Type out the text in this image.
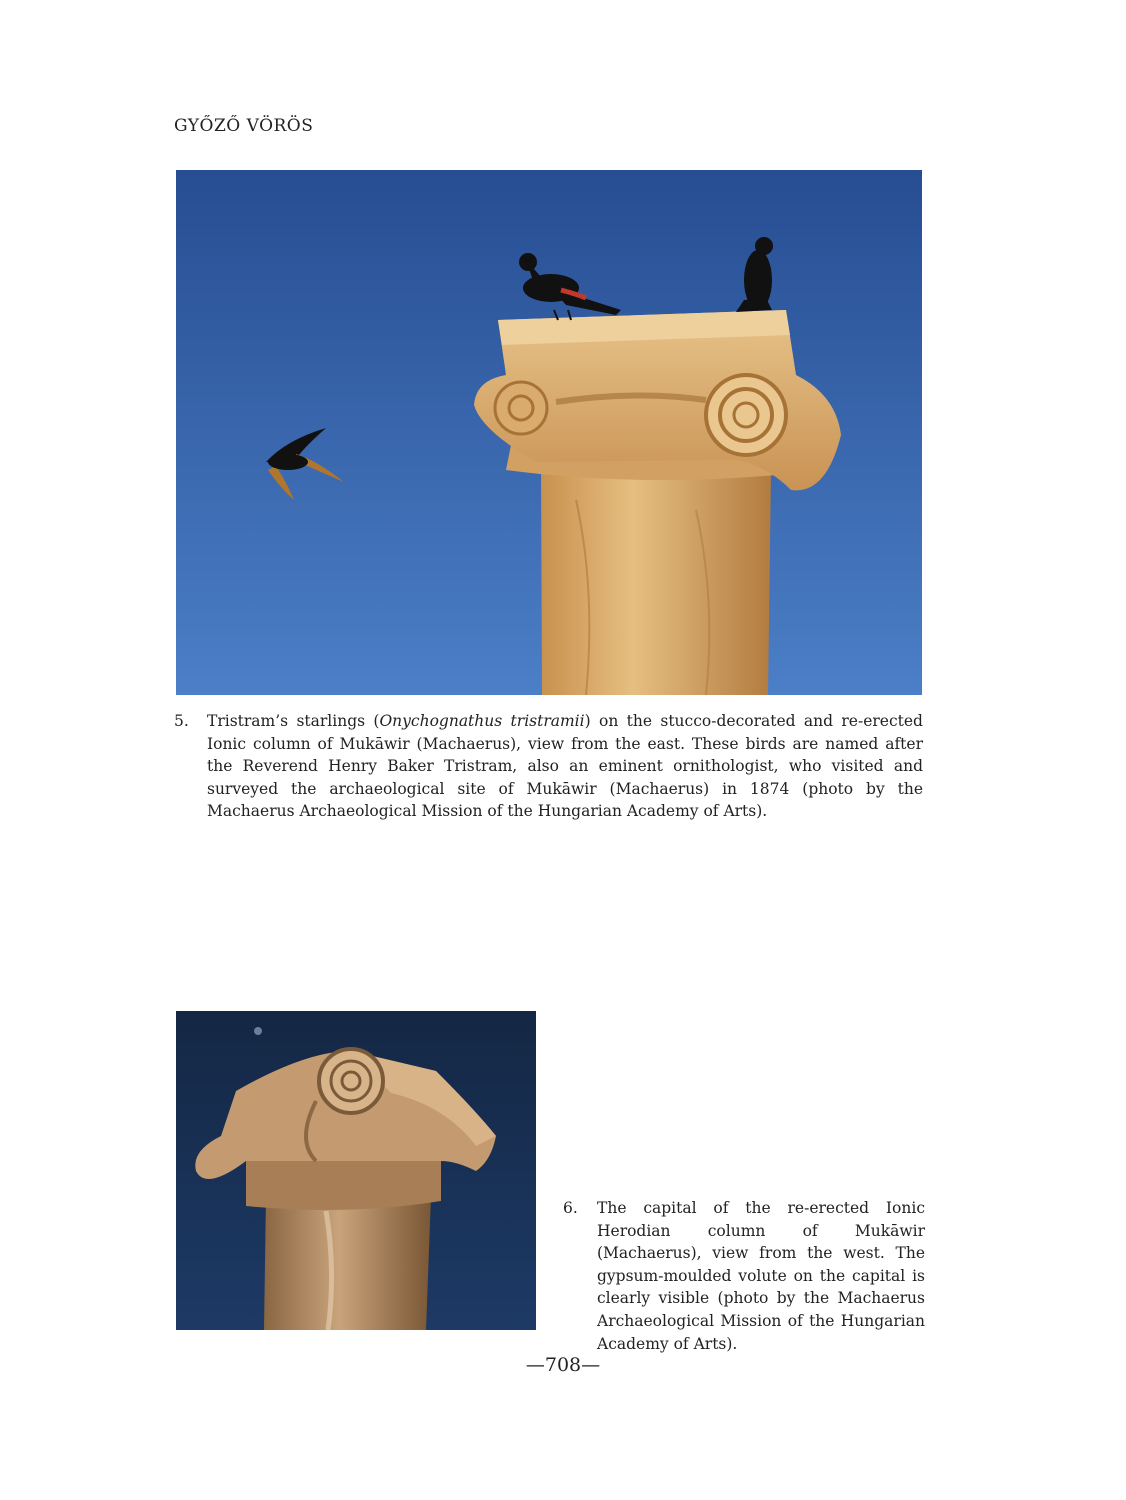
GYŐZŐ VÖRÖS
5. Tristram’s starlings (Onychognathus tristramii) on the stucco-decorated and re-erected Ionic column of Mukāwir (Machaerus), view from the east. These birds are named after the Reverend Henry Baker Tristram, also an eminent ornithologist, who visited and surveyed the archaeological site of Mukāwir (Machaerus) in 1874 (photo by the Machaerus Archaeological Mission of the Hungarian Academy of Arts).
6. The capital of the re-erected Ionic Herodian column of Mukāwir (Machaerus), view from the west. The gypsum-moulded volute on the capital is clearly visible (photo by the Machaerus Archaeological Mission of the Hungarian Academy of Arts).
—708—
